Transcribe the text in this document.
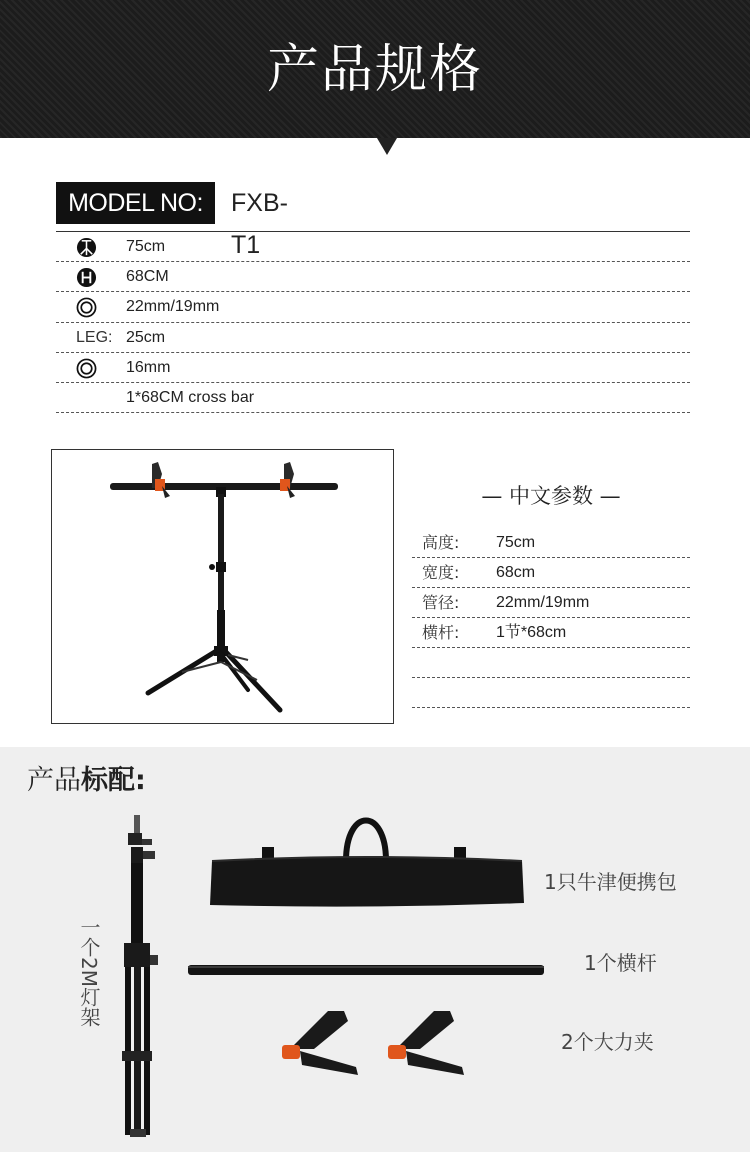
产品规格
MODEL NO:	FXB-T1
75cm
68CM
22mm/19mm
LEG: 25cm
16mm
1*68CM cross bar
— 中文参数 —
高度: 75cm
宽度: 68cm
管径: 22mm/19mm
横杆: 1节*68cm
产品标配:
一个2M灯架
1只牛津便携包
1个横杆
2个大力夹
